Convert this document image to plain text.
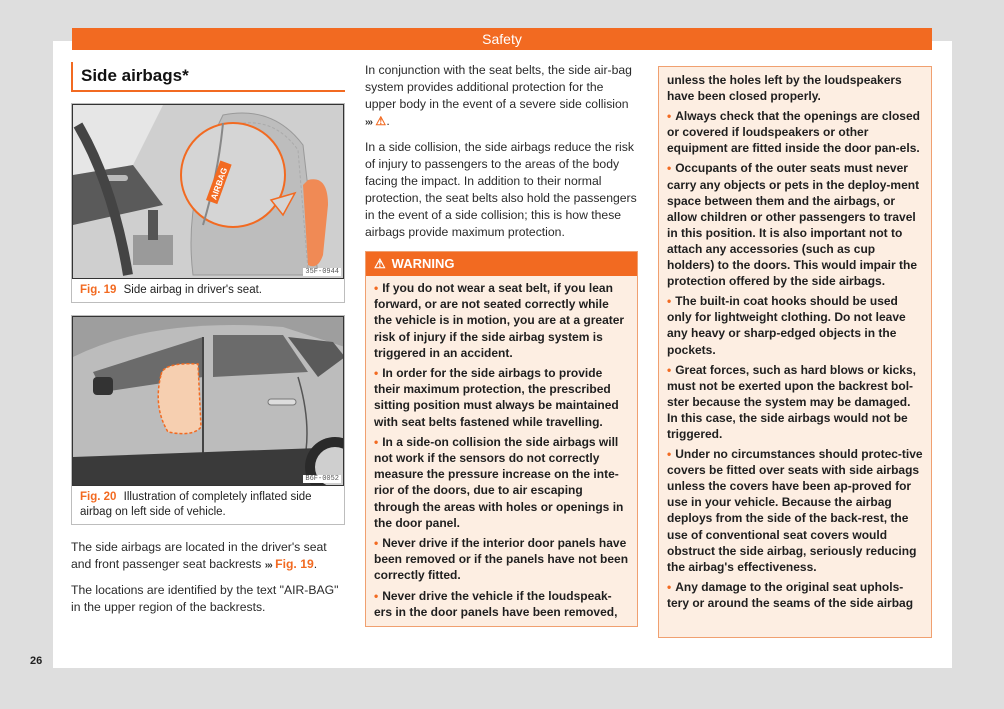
Safety
Side airbags*
AIRBAG
35F-0944
Fig. 19 Side airbag in driver's seat.
B6F-0052
Fig. 20 Illustration of completely inflated side airbag on left side of vehicle.

The side airbags are located in the driver's seat and front passenger seat backrests ››› Fig. 19.

The locations are identified by the text "AIR-BAG" in the upper region of the backrests.

In conjunction with the seat belts, the side air-bag system provides additional protection for the upper body in the event of a severe side collision ››› ⚠.

In a side collision, the side airbags reduce the risk of injury to passengers to the areas of the body facing the impact. In addition to their normal protection, the seat belts also hold the passengers in the event of a side collision; this is how these airbags provide maximum protection.

⚠ WARNING
• If you do not wear a seat belt, if you lean forward, or are not seated correctly while the vehicle is in motion, you are at a greater risk of injury if the side airbag system is triggered in an accident.
• In order for the side airbags to provide their maximum protection, the prescribed sitting position must always be maintained with seat belts fastened while travelling.
• In a side-on collision the side airbags will not work if the sensors do not correctly measure the pressure increase on the inte-rior of the doors, due to air escaping through the areas with holes or openings in the door panel.
• Never drive if the interior door panels have been removed or if the panels have not been correctly fitted.
• Never drive the vehicle if the loudspeak-ers in the door panels have been removed,
unless the holes left by the loudspeakers have been closed properly.
• Always check that the openings are closed or covered if loudspeakers or other equipment are fitted inside the door pan-els.
• Occupants of the outer seats must never carry any objects or pets in the deploy-ment space between them and the airbags, or allow children or other passengers to travel in this position. It is also important not to attach any accessories (such as cup holders) to the doors. This would impair the protection offered by the side airbags.
• The built-in coat hooks should be used only for lightweight clothing. Do not leave any heavy or sharp-edged objects in the pockets.
• Great forces, such as hard blows or kicks, must not be exerted upon the backrest bol-ster because the system may be damaged. In this case, the side airbags would not be triggered.
• Under no circumstances should protec-tive covers be fitted over seats with side airbags unless the covers have been ap-proved for use in your vehicle. Because the airbag deploys from the side of the back-rest, the use of conventional seat covers would obstruct the side airbag, seriously reducing the airbag's effectiveness.
• Any damage to the original seat uphols-tery or around the seams of the side airbag
26
